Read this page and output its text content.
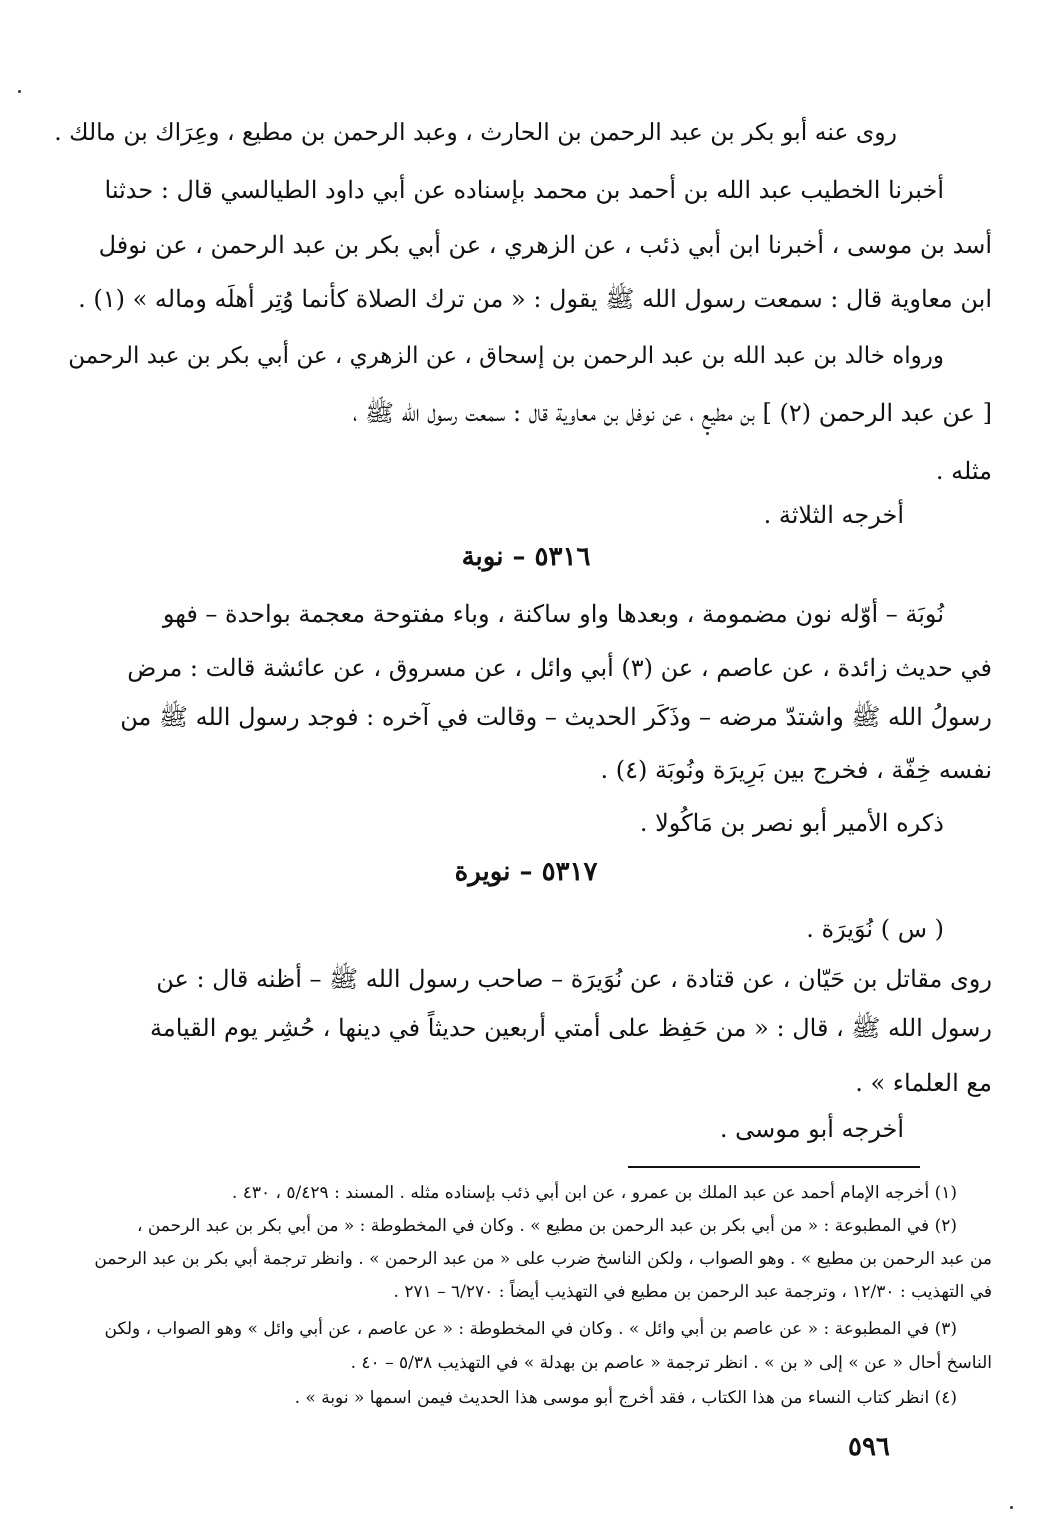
روى عنه أبو بكر بن عبد الرحمن بن الحارث ، وعبد الرحمن بن مطيع ، وعِرَاك بن مالك .
أخبرنا الخطيب عبد الله بن أحمد بن محمد بإسناده عن أبي داود الطيالسي قال : حدثنا
أسد بن موسى ، أخبرنا ابن أبي ذئب ، عن الزهري ، عن أبي بكر بن عبد الرحمن ، عن نوفل
ابن معاوية قال : سمعت رسول الله ﷺ يقول : « من ترك الصلاة كأنما وُتِر أهلَه وماله » (١) .
ورواه خالد بن عبد الله بن عبد الرحمن بن إسحاق ، عن الزهري ، عن أبي بكر بن عبد الرحمن
[ عن عبد الرحمن (٢) ] بن مطيع ، عن نوفل بن معاوية قال : سمعت رسول الله ﷺ ،
مثله .
أخرجه الثلاثة .
٥٣١٦ – نوبة
نُوبَة – أوّله نون مضمومة ، وبعدها واو ساكنة ، وباء مفتوحة معجمة بواحدة – فهو
في حديث زائدة ، عن عاصم ، عن (٣) أبي وائل ، عن مسروق ، عن عائشة قالت : مرض
رسولُ الله ﷺ واشتدّ مرضه – وذَكَر الحديث – وقالت في آخره : فوجد رسول الله ﷺ من
نفسه خِفّة ، فخرج بين بَرِيرَة ونُوبَة (٤) .
ذكره الأمير أبو نصر بن مَاكُولا .
٥٣١٧ – نويرة
( س ) نُوَيرَة .
روى مقاتل بن حَيّان ، عن قتادة ، عن نُوَيرَة – صاحب رسول الله ﷺ – أظنه قال : عن
رسول الله ﷺ ، قال : « من حَفِظ على أمتي أربعين حديثاً في دينها ، حُشِر يوم القيامة
مع العلماء » .
أخرجه أبو موسى .
(١) أخرجه الإمام أحمد عن عبد الملك بن عمرو ، عن ابن أبي ذئب بإسناده مثله . المسند : ٥/٤٢٩ ، ٤٣٠ .
(٢) في المطبوعة : « من أبي بكر بن عبد الرحمن بن مطيع » . وكان في المخطوطة : « من أبي بكر بن عبد الرحمن ،
من عبد الرحمن بن مطيع » . وهو الصواب ، ولكن الناسخ ضرب على « من عبد الرحمن » . وانظر ترجمة أبي بكر بن عبد الرحمن
في التهذيب : ١٢/٣٠ ، وترجمة عبد الرحمن بن مطيع في التهذيب أيضاً : ٦/٢٧٠ – ٢٧١ .
(٣) في المطبوعة : « عن عاصم بن أبي وائل » . وكان في المخطوطة : « عن عاصم ، عن أبي وائل » وهو الصواب ، ولكن
الناسخ أحال « عن » إلى « بن » . انظر ترجمة « عاصم بن بهدلة » في التهذيب ٥/٣٨ – ٤٠ .
(٤) انظر كتاب النساء من هذا الكتاب ، فقد أخرج أبو موسى هذا الحديث فيمن اسمها « نوبة » .
٥٩٦
